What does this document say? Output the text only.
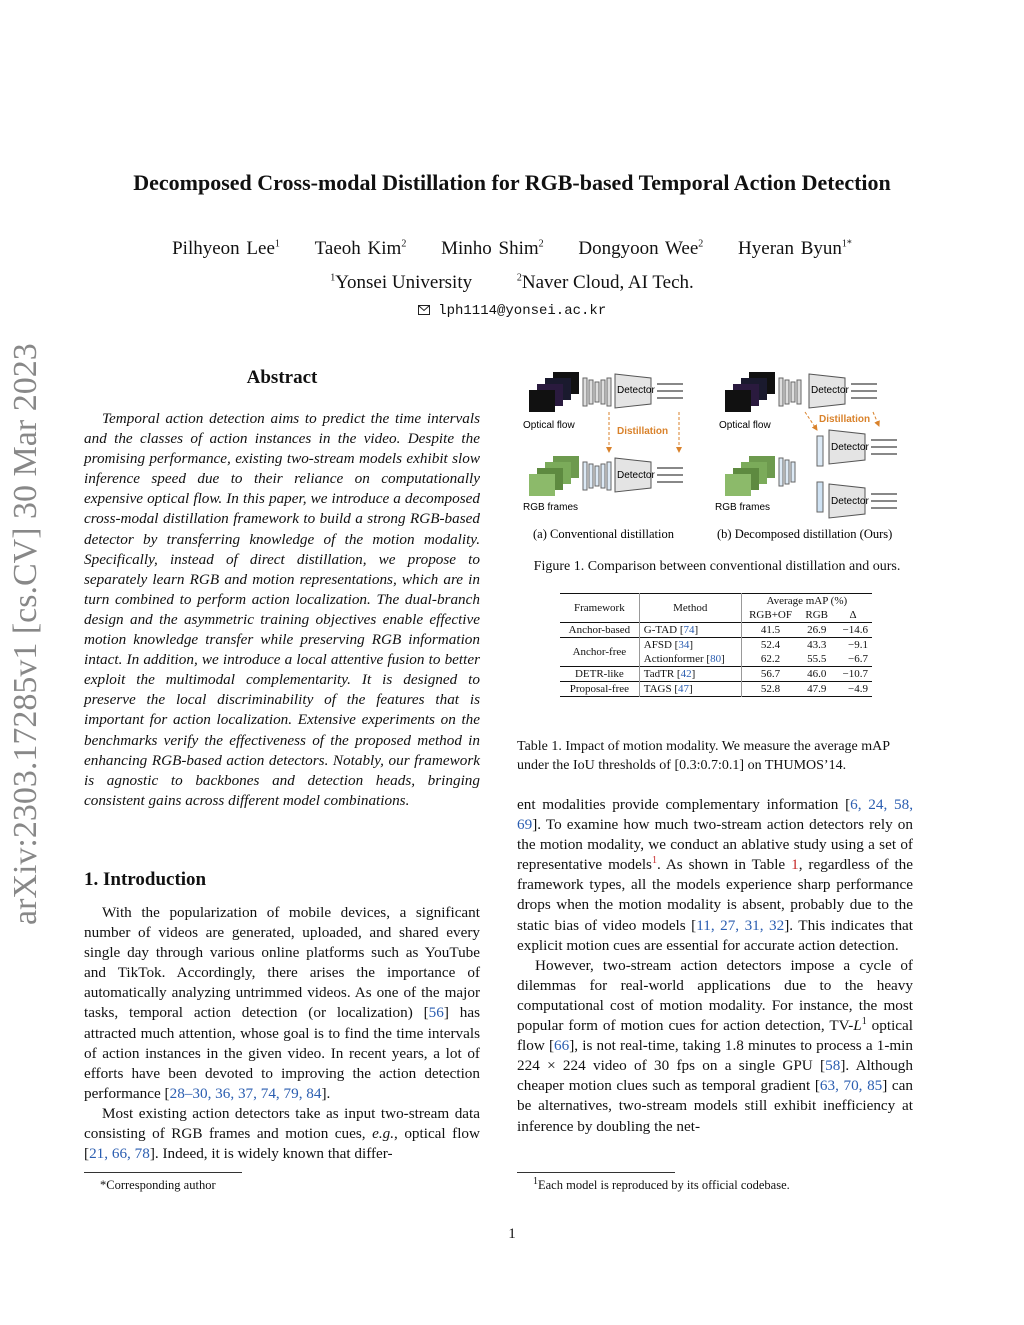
arXiv:2303.17285v1 [cs.CV] 30 Mar 2023
Decomposed Cross-modal Distillation for RGB-based Temporal Action Detection
Pilhyeon Lee$^1$ Taeoh Kim$^2$ Minho Shim$^2$ Dongyoon Wee$^2$ Hyeran Byun$^{1*}$
$^1$Yonsei University	$^2$Naver Cloud, AI Tech.
lph1114@yonsei.ac.kr
Abstract
Temporal action detection aims to predict the time intervals and the classes of action instances in the video. Despite the promising performance, existing two-stream models exhibit slow inference speed due to their reliance on computationally expensive optical flow. In this paper, we introduce a decomposed cross-modal distillation framework to build a strong RGB-based detector by transferring knowledge of the motion modality. Specifically, instead of direct distillation, we propose to separately learn RGB and motion representations, which are in turn combined to perform action localization. The dual-branch design and the asymmetric training objectives enable effective motion knowledge transfer while preserving RGB information intact. In addition, we introduce a local attentive fusion to better exploit the multimodal complementarity. It is designed to preserve the local discriminability of the features that is important for action localization. Extensive experiments on the benchmarks verify the effectiveness of the proposed method in enhancing RGB-based action detectors. Notably, our framework is agnostic to backbones and detection heads, bringing consistent gains across different model combinations.
1. Introduction

With the popularization of mobile devices, a significant number of videos are generated, uploaded, and shared every single day through various online platforms such as YouTube and TikTok. Accordingly, there arises the importance of automatically analyzing untrimmed videos. As one of the major tasks, temporal action detection (or localization) [56] has attracted much attention, whose goal is to find the time intervals of action instances in the given video. In recent years, a lot of efforts have been devoted to improving the action detection performance [28–30, 36, 37, 74, 79, 84].

Most existing action detectors take as input two-stream data consisting of RGB frames and motion cues, e.g., optical flow [21, 66, 78]. Indeed, it is widely known that differ-

*Corresponding author
Detector
Optical flow
Distillation
Detector
RGB frames
(a) Conventional distillation
Detector
Optical flow
Distillation
Detector
Detector
RGB frames
(b) Decomposed distillation (Ours)
Figure 1. Comparison between conventional distillation and ours.
Framework	Method	Average mAP (%)		
		RGB+OF	RGB	Δ
Anchor-based	G-TAD [74]	41.5	26.9	−14.6
Anchor-free	AFSD [34]	52.4	43.3	−9.1
	Actionformer [80]	62.2	55.5	−6.7
DETR-like	TadTR [42]	56.7	46.0	−10.7
Proposal-free	TAGS [47]	52.8	47.9	−4.9
Table 1. Impact of motion modality. We measure the average mAP under the IoU thresholds of [0.3:0.7:0.1] on THUMOS’14.

ent modalities provide complementary information [6, 24, 58, 69]. To examine how much two-stream action detectors rely on the motion modality, we conduct an ablative study using a set of representative models$^1$. As shown in Table 1, regardless of the framework types, all the models experience sharp performance drops when the motion modality is absent, probably due to the static bias of video models [11, 27, 31, 32]. This indicates that explicit motion cues are essential for accurate action detection.

However, two-stream action detectors impose a cycle of dilemmas for real-world applications due to the heavy computational cost of motion modality. For instance, the most popular form of motion cues for action detection, $TV-L^1$ optical flow [66], is not real-time, taking 1.8 minutes to process a 1-min 224 × 224 video of 30 fps on a single GPU [58]. Although cheaper motion clues such as temporal gradient [63, 70, 85] can be alternatives, two-stream models still exhibit inefficiency at inference by doubling the net-

$^1$Each model is reproduced by its official codebase.
1
